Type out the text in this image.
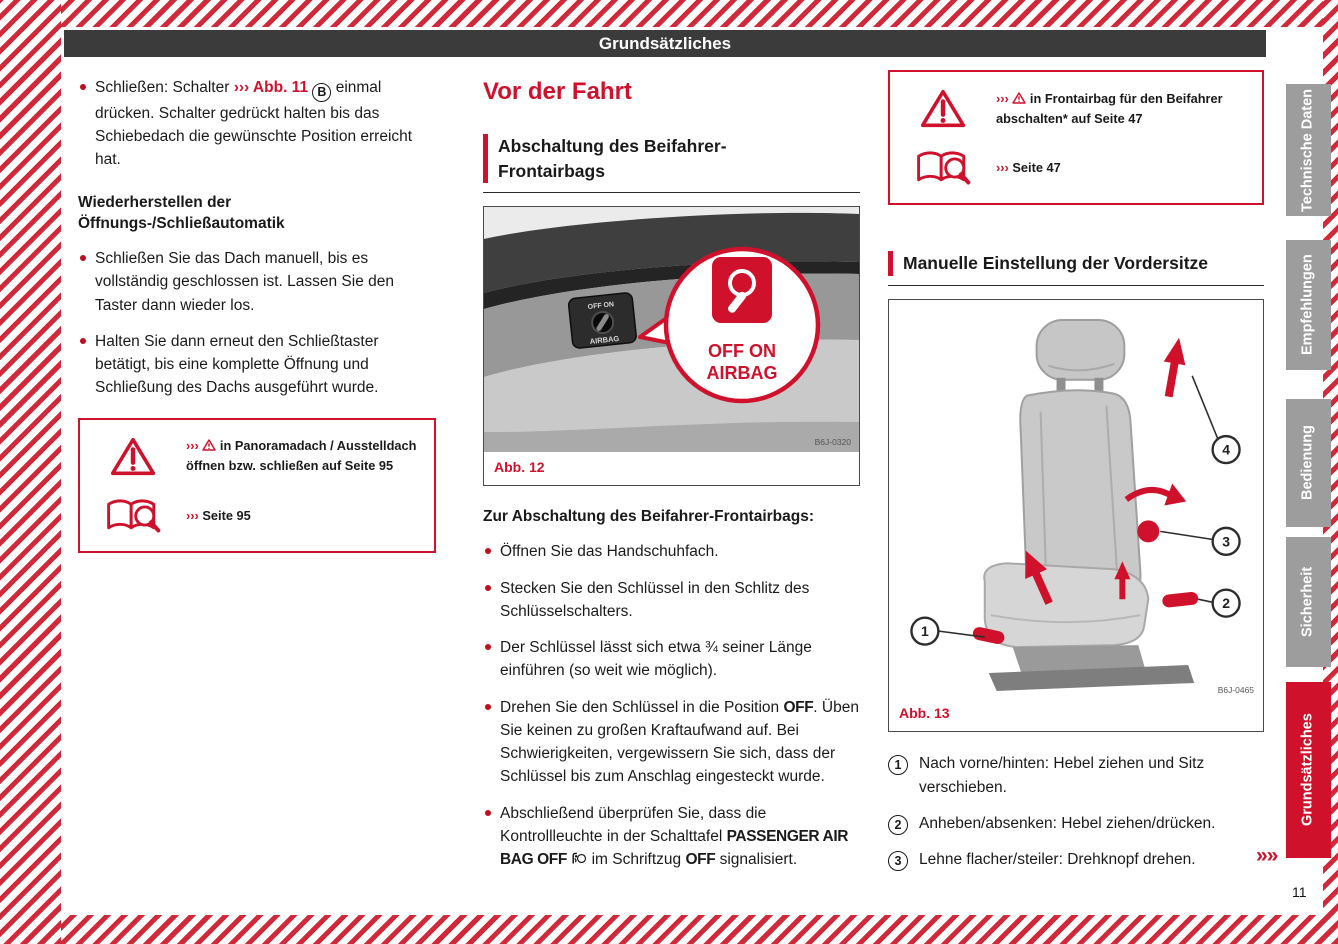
Grundsätzliches
Schließen: Schalter ››› Abb. 11 B einmal drücken. Schalter gedrückt halten bis das Schiebedach die gewünschte Position erreicht hat.
Wiederherstellen der
Öffnungs-/Schließautomatik
Schließen Sie das Dach manuell, bis es vollständig geschlossen ist. Lassen Sie den Taster dann wieder los.
Halten Sie dann erneut den Schließtaster betätigt, bis eine komplette Öffnung und Schließung des Dachs ausgeführt wurde.
››› in Panoramadach / Ausstelldach öffnen bzw. schließen auf Seite 95
››› Seite 95
Vor der Fahrt
Abschaltung des Beifahrer-Frontairbags
OFF ON
AIRBAG
OFF ON
AIRBAG
B6J-0320
Abb. 12
Zur Abschaltung des Beifahrer-Frontairbags:
Öffnen Sie das Handschuhfach.
Stecken Sie den Schlüssel in den Schlitz des Schlüsselschalters.
Der Schlüssel lässt sich etwa ¾ seiner Länge einführen (so weit wie möglich).
Drehen Sie den Schlüssel in die Position OFF. Üben Sie keinen zu großen Kraftaufwand auf. Bei Schwierigkeiten, vergewissern Sie sich, dass der Schlüssel bis zum Anschlag eingesteckt wurde.
Abschließend überprüfen Sie, dass die Kontrollleuchte in der Schalttafel PASSENGER AIR BAG OFF im Schriftzug OFF signalisiert.
››› in Frontairbag für den Beifahrer abschalten* auf Seite 47
››› Seite 47
Manuelle Einstellung der Vordersitze
1
2
3
4
B6J-0465
Abb. 13
1	Nach vorne/hinten: Hebel ziehen und Sitz verschieben.
2	Anheben/absenken: Hebel ziehen/drücken.
3	Lehne flacher/steiler: Drehknopf drehen.
Technische Daten
Empfehlungen
Bedienung
Sicherheit
Grundsätzliches
»»
11
